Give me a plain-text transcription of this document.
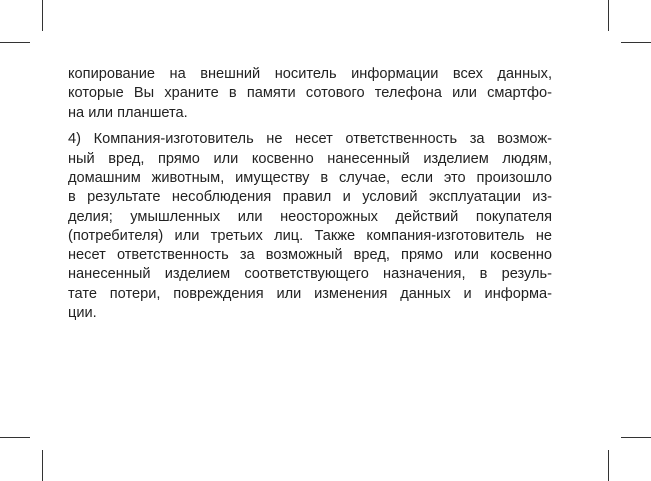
копирование на внешний носитель информации всех данных,
которые Вы храните в памяти сотового телефона или смартфо-
на или планшета.
4) Компания-изготовитель не несет ответственность за возмож-
ный вред, прямо или косвенно нанесенный изделием людям,
домашним животным, имуществу в случае, если это произошло
в результате несоблюдения правил и условий эксплуатации из-
делия; умышленных или неосторожных действий покупателя
(потребителя) или третьих лиц. Также компания-изготовитель не
несет ответственность за возможный вред, прямо или косвенно
нанесенный изделием соответствующего назначения, в резуль-
тате потери, повреждения или изменения данных и информа-
ции.
